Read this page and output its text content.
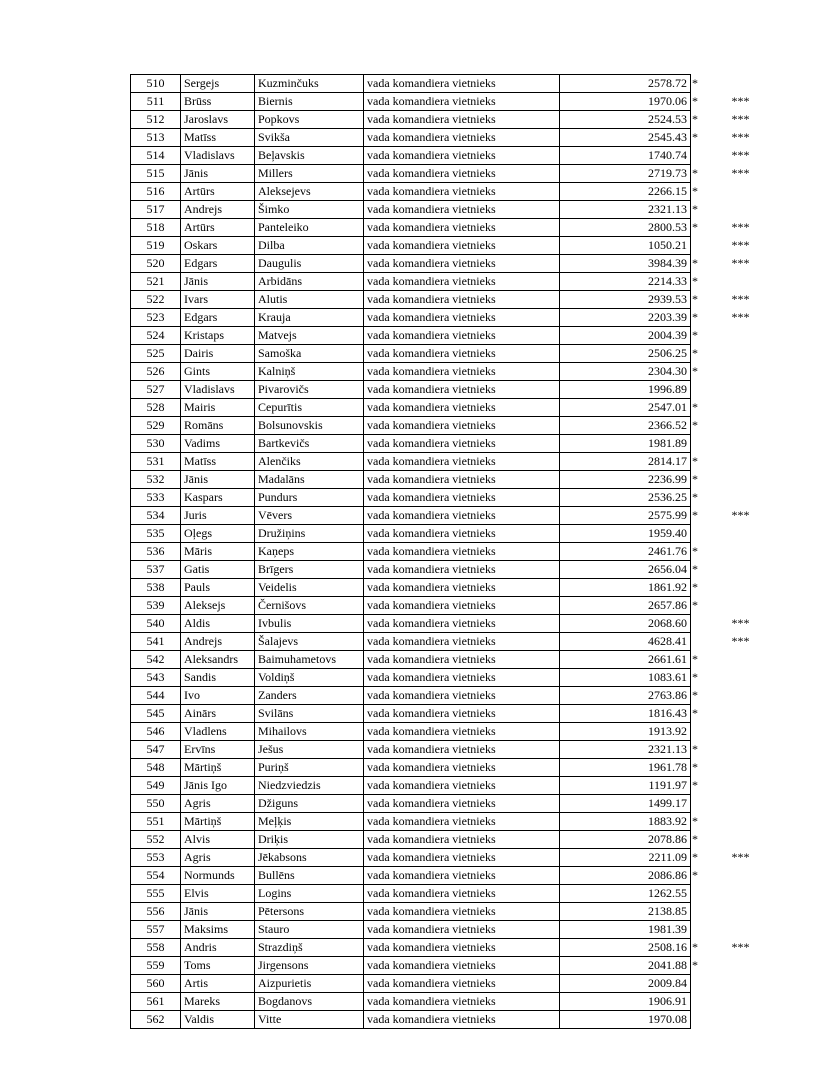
510	Sergejs	Kuzminčuks	vada komandiera vietnieks	2578.72	*	
511	Brūss	Biernis	vada komandiera vietnieks	1970.06	*	***
512	Jaroslavs	Popkovs	vada komandiera vietnieks	2524.53	*	***
513	Matīss	Svikša	vada komandiera vietnieks	2545.43	*	***
514	Vladislavs	Beļavskis	vada komandiera vietnieks	1740.74		***
515	Jānis	Millers	vada komandiera vietnieks	2719.73	*	***
516	Artūrs	Aleksejevs	vada komandiera vietnieks	2266.15	*	
517	Andrejs	Šimko	vada komandiera vietnieks	2321.13	*	
518	Artūrs	Panteleiko	vada komandiera vietnieks	2800.53	*	***
519	Oskars	Dilba	vada komandiera vietnieks	1050.21		***
520	Edgars	Daugulis	vada komandiera vietnieks	3984.39	*	***
521	Jānis	Arbidāns	vada komandiera vietnieks	2214.33	*	
522	Ivars	Alutis	vada komandiera vietnieks	2939.53	*	***
523	Edgars	Krauja	vada komandiera vietnieks	2203.39	*	***
524	Kristaps	Matvejs	vada komandiera vietnieks	2004.39	*	
525	Dairis	Samoška	vada komandiera vietnieks	2506.25	*	
526	Gints	Kalniņš	vada komandiera vietnieks	2304.30	*	
527	Vladislavs	Pivarovičs	vada komandiera vietnieks	1996.89		
528	Mairis	Cepurītis	vada komandiera vietnieks	2547.01	*	
529	Romāns	Bolsunovskis	vada komandiera vietnieks	2366.52	*	
530	Vadims	Bartkevičs	vada komandiera vietnieks	1981.89		
531	Matīss	Alenčiks	vada komandiera vietnieks	2814.17	*	
532	Jānis	Madalāns	vada komandiera vietnieks	2236.99	*	
533	Kaspars	Pundurs	vada komandiera vietnieks	2536.25	*	
534	Juris	Vēvers	vada komandiera vietnieks	2575.99	*	***
535	Oļegs	Družiņins	vada komandiera vietnieks	1959.40		
536	Māris	Kaņeps	vada komandiera vietnieks	2461.76	*	
537	Gatis	Brīgers	vada komandiera vietnieks	2656.04	*	
538	Pauls	Veidelis	vada komandiera vietnieks	1861.92	*	
539	Aleksejs	Černišovs	vada komandiera vietnieks	2657.86	*	
540	Aldis	Ivbulis	vada komandiera vietnieks	2068.60		***
541	Andrejs	Šalajevs	vada komandiera vietnieks	4628.41		***
542	Aleksandrs	Baimuhametovs	vada komandiera vietnieks	2661.61	*	
543	Sandis	Voldiņš	vada komandiera vietnieks	1083.61	*	
544	Ivo	Zanders	vada komandiera vietnieks	2763.86	*	
545	Ainārs	Svilāns	vada komandiera vietnieks	1816.43	*	
546	Vladlens	Mihailovs	vada komandiera vietnieks	1913.92		
547	Ervīns	Ješus	vada komandiera vietnieks	2321.13	*	
548	Mārtiņš	Puriņš	vada komandiera vietnieks	1961.78	*	
549	Jānis Igo	Niedzviedzis	vada komandiera vietnieks	1191.97	*	
550	Agris	Džiguns	vada komandiera vietnieks	1499.17		
551	Mārtiņš	Meļķis	vada komandiera vietnieks	1883.92	*	
552	Alvis	Driķis	vada komandiera vietnieks	2078.86	*	
553	Agris	Jēkabsons	vada komandiera vietnieks	2211.09	*	***
554	Normunds	Bullēns	vada komandiera vietnieks	2086.86	*	
555	Elvis	Logins	vada komandiera vietnieks	1262.55		
556	Jānis	Pētersons	vada komandiera vietnieks	2138.85		
557	Maksims	Stauro	vada komandiera vietnieks	1981.39		
558	Andris	Strazdiņš	vada komandiera vietnieks	2508.16	*	***
559	Toms	Jirgensons	vada komandiera vietnieks	2041.88	*	
560	Artis	Aizpurietis	vada komandiera vietnieks	2009.84		
561	Mareks	Bogdanovs	vada komandiera vietnieks	1906.91		
562	Valdis	Vitte	vada komandiera vietnieks	1970.08		
